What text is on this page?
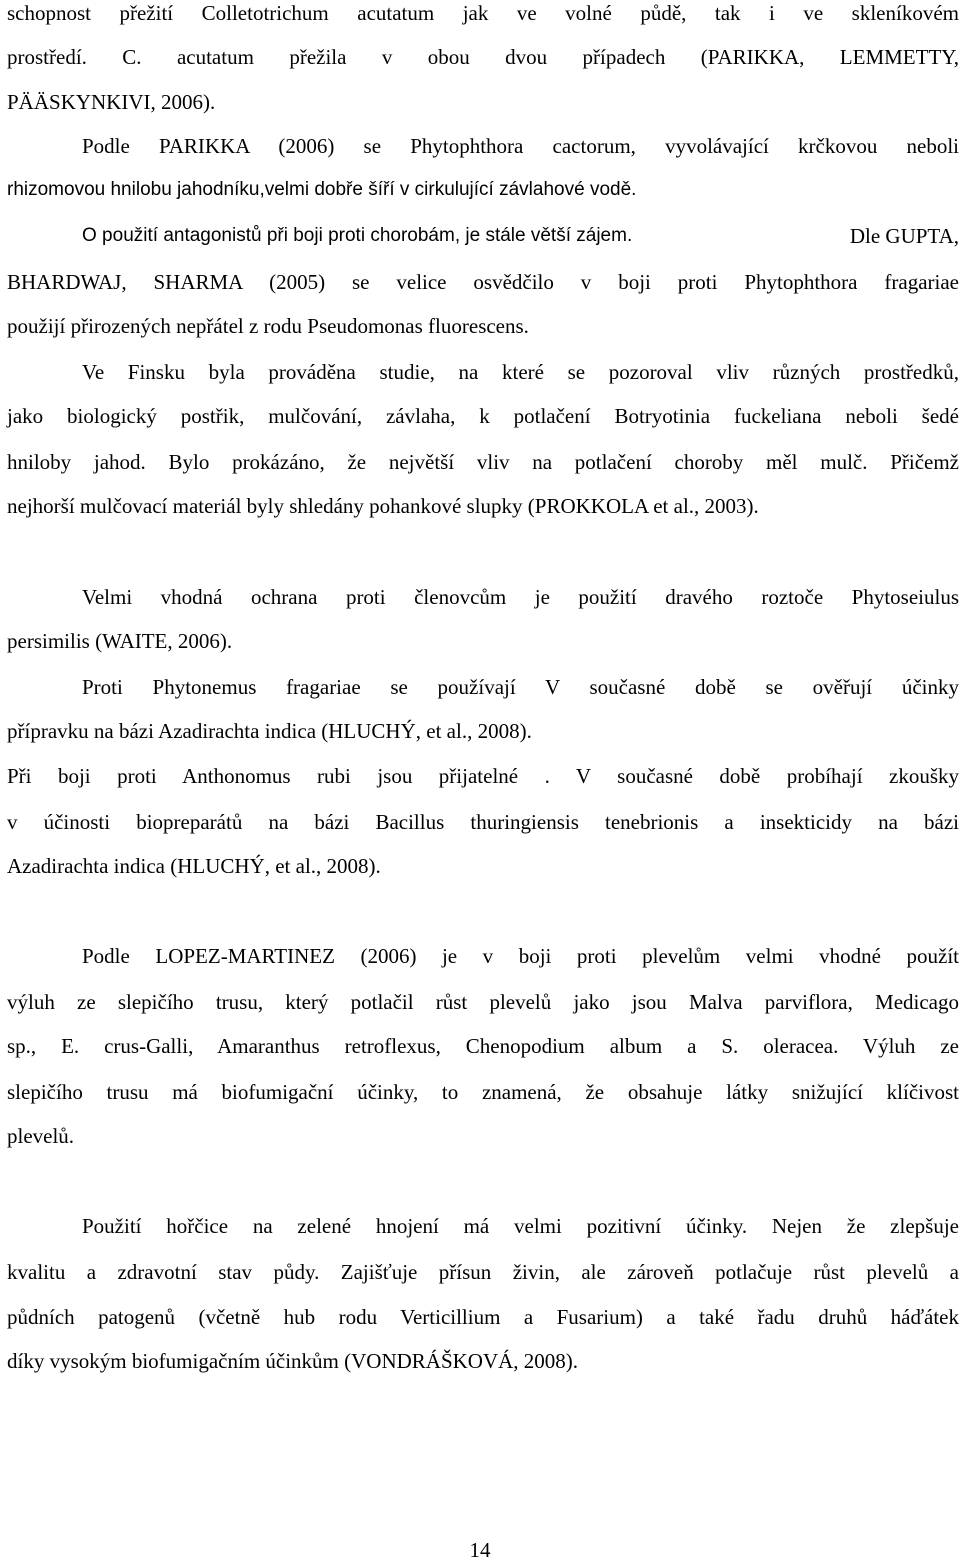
schopnost přežití Colletotrichum acutatum jak ve volné půdě, tak i ve skleníkovém
prostředí. C. acutatum přežila v obou dvou případech (PARIKKA, LEMMETTY,
PÄÄSKYNKIVI, 2006).
Podle PARIKKA (2006) se Phytophthora cactorum, vyvolávající krčkovou neboli
rhizomovou hnilobu jahodníku,velmi dobře šíří v cirkulující závlahové vodě.
O použití antagonistů při boji proti chorobám, je stále větší zájem.	Dle GUPTA,
BHARDWAJ, SHARMA (2005) se velice osvědčilo v boji proti Phytophthora fragariae
použijí přirozených nepřátel z rodu Pseudomonas fluorescens.
Ve Finsku byla prováděna studie, na které se pozoroval vliv různých prostředků,
jako biologický postřik, mulčování, závlaha, k potlačení Botryotinia fuckeliana neboli šedé
hniloby jahod. Bylo prokázáno, že největší vliv na potlačení choroby měl mulč. Přičemž
nejhorší mulčovací materiál byly shledány pohankové slupky (PROKKOLA et al., 2003).
Velmi vhodná ochrana proti členovcům je použití dravého roztoče Phytoseiulus
persimilis (WAITE, 2006).
Proti Phytonemus fragariae se používají V současné době se ověřují účinky
přípravku na bázi Azadirachta indica (HLUCHÝ, et al., 2008).
Při boji proti Anthonomus rubi jsou přijatelné . V současné době probíhají zkoušky
v účinosti biopreparátů na bázi Bacillus thuringiensis tenebrionis a insekticidy na bázi
Azadirachta indica (HLUCHÝ, et al., 2008).
Podle LOPEZ-MARTINEZ (2006) je v boji proti plevelům velmi vhodné použít
výluh ze slepičího trusu, který potlačil růst plevelů jako jsou Malva parviflora, Medicago
sp., E. crus-Galli, Amaranthus retroflexus, Chenopodium album a S. oleracea. Výluh ze
slepičího trusu má biofumigační účinky, to znamená, že obsahuje látky snižující klíčivost
plevelů.
Použití hořčice na zelené hnojení má velmi pozitivní účinky. Nejen že zlepšuje
kvalitu a zdravotní stav půdy. Zajišťuje přísun živin, ale zároveň potlačuje růst plevelů a
půdních patogenů (včetně hub rodu Verticillium a Fusarium) a také řadu druhů háďátek
díky vysokým biofumigačním účinkům (VONDRÁŠKOVÁ, 2008).
14
